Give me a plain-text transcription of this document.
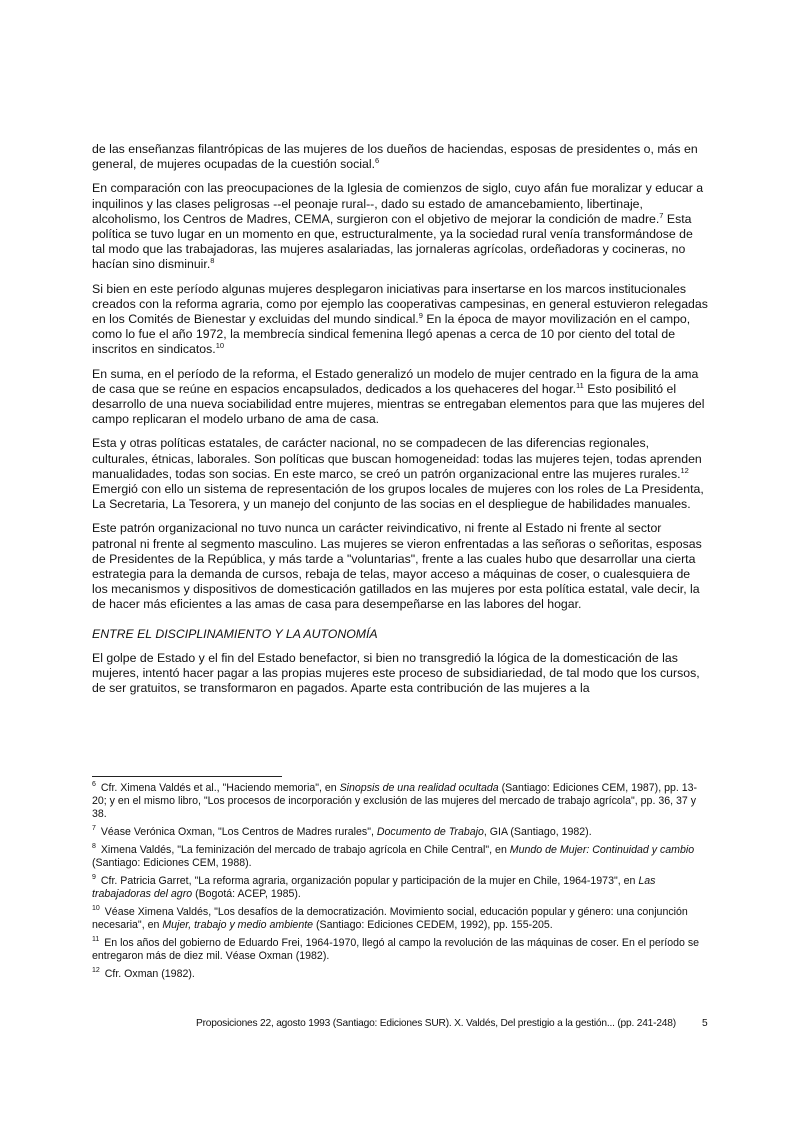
de las enseñanzas filantrópicas de las mujeres de los dueños de haciendas, esposas de presidentes o, más en general, de mujeres ocupadas de la cuestión social.$^6$

En comparación con las preocupaciones de la Iglesia de comienzos de siglo, cuyo afán fue moralizar y educar a inquilinos y las clases peligrosas --el peonaje rural--, dado su estado de amancebamiento, libertinaje, alcoholismo, los Centros de Madres, CEMA, surgieron con el objetivo de mejorar la condición de madre.$^7$ Esta política se tuvo lugar en un momento en que, estructuralmente, ya la sociedad rural venía transformándose de tal modo que las trabajadoras, las mujeres asalariadas, las jornaleras agrícolas, ordeñadoras y cocineras, no hacían sino disminuir.$^8$

Si bien en este período algunas mujeres desplegaron iniciativas para insertarse en los marcos institucionales creados con la reforma agraria, como por ejemplo las cooperativas campesinas, en general estuvieron relegadas en los Comités de Bienestar y excluidas del mundo sindical.$^9$ En la época de mayor movilización en el campo, como lo fue el año 1972, la membrecía sindical femenina llegó apenas a cerca de 10 por ciento del total de inscritos en sindicatos.$^{10}$

En suma, en el período de la reforma, el Estado generalizó un modelo de mujer centrado en la figura de la ama de casa que se reúne en espacios encapsulados, dedicados a los quehaceres del hogar.$^{11}$ Esto posibilitó el desarrollo de una nueva sociabilidad entre mujeres, mientras se entregaban elementos para que las mujeres del campo replicaran el modelo urbano de ama de casa.

Esta y otras políticas estatales, de carácter nacional, no se compadecen de las diferencias regionales, culturales, étnicas, laborales. Son políticas que buscan homogeneidad: todas las mujeres tejen, todas aprenden manualidades, todas son socias. En este marco, se creó un patrón organizacional entre las mujeres rurales.$^{12}$ Emergió con ello un sistema de representación de los grupos locales de mujeres con los roles de La Presidenta, La Secretaria, La Tesorera, y un manejo del conjunto de las socias en el despliegue de habilidades manuales.

Este patrón organizacional no tuvo nunca un carácter reivindicativo, ni frente al Estado ni frente al sector patronal ni frente al segmento masculino. Las mujeres se vieron enfrentadas a las señoras o señoritas, esposas de Presidentes de la República, y más tarde a "voluntarias", frente a las cuales hubo que desarrollar una cierta estrategia para la demanda de cursos, rebaja de telas, mayor acceso a máquinas de coser, o cualesquiera de los mecanismos y dispositivos de domesticación gatillados en las mujeres por esta política estatal, vale decir, la de hacer más eficientes a las amas de casa para desempeñarse en las labores del hogar.

ENTRE EL DISCIPLINAMIENTO Y LA AUTONOMÍA

El golpe de Estado y el fin del Estado benefactor, si bien no transgredió la lógica de la domesticación de las mujeres, intentó hacer pagar a las propias mujeres este proceso de subsidiariedad, de tal modo que los cursos, de ser gratuitos, se transformaron en pagados. Aparte esta contribución de las mujeres a la

$^6$ Cfr. Ximena Valdés et al., "Haciendo memoria", en Sinopsis de una realidad ocultada (Santiago: Ediciones CEM, 1987), pp. 13-20; y en el mismo libro, "Los procesos de incorporación y exclusión de las mujeres del mercado de trabajo agrícola", pp. 36, 37 y 38.

$^7$ Véase Verónica Oxman, "Los Centros de Madres rurales", Documento de Trabajo, GIA (Santiago, 1982).

$^8$ Ximena Valdés, "La feminización del mercado de trabajo agrícola en Chile Central", en Mundo de Mujer: Continuidad y cambio (Santiago: Ediciones CEM, 1988).

$^9$ Cfr. Patricia Garret, "La reforma agraria, organización popular y participación de la mujer en Chile, 1964-1973", en Las trabajadoras del agro (Bogotá: ACEP, 1985).

$^{10}$ Véase Ximena Valdés, "Los desafíos de la democratización. Movimiento social, educación popular y género: una conjunción necesaria", en Mujer, trabajo y medio ambiente (Santiago: Ediciones CEDEM, 1992), pp. 155-205.

$^{11}$ En los años del gobierno de Eduardo Frei, 1964-1970, llegó al campo la revolución de las máquinas de coser. En el período se entregaron más de diez mil. Véase Oxman (1982).

$^{12}$ Cfr. Oxman (1982).

Proposiciones 22, agosto 1993 (Santiago: Ediciones SUR). X. Valdés, Del prestigio a la gestión... (pp. 241-248)	5
